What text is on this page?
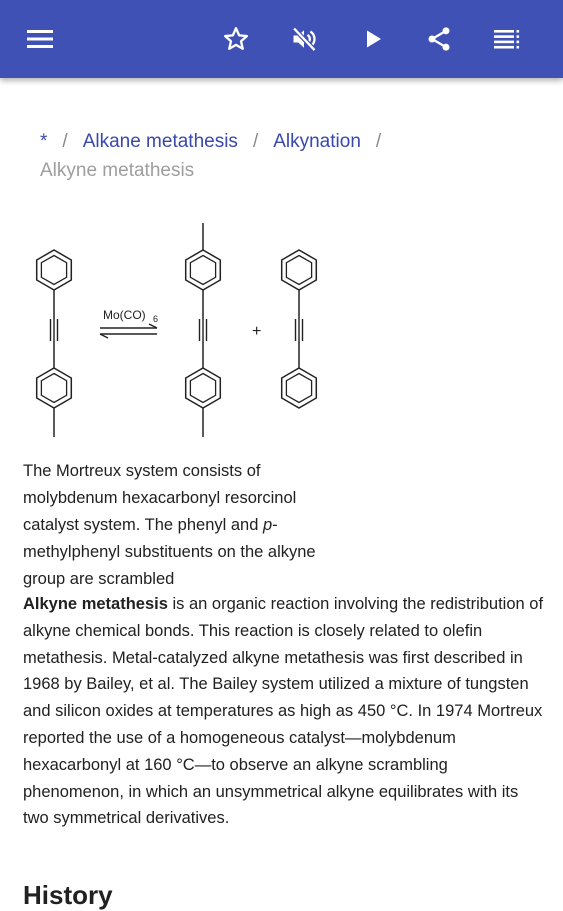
* / Alkane metathesis / Alkynation /
Alkyne metathesis
Mo(CO) 6
+
The Mortreux system consists of molybdenum hexacarbonyl resorcinol catalyst system. The phenyl and p-methylphenyl substituents on the alkyne group are scrambled
Alkyne metathesis is an organic reaction involving the redistribution of alkyne chemical bonds. This reaction is closely related to olefin metathesis. Metal-catalyzed alkyne metathesis was first described in 1968 by Bailey, et al. The Bailey system utilized a mixture of tungsten and silicon oxides at temperatures as high as 450 °C. In 1974 Mortreux reported the use of a homogeneous catalyst—molybdenum hexacarbonyl at 160 °C—to observe an alkyne scrambling phenomenon, in which an unsymmetrical alkyne equilibrates with its two symmetrical derivatives.
History
